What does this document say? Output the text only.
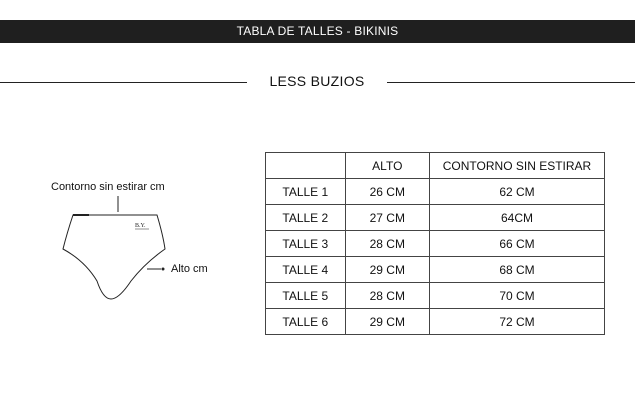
TABLA DE TALLES - BIKINIS
LESS BUZIOS
Contorno sin estirar cm
B.Y.
Alto cm
	ALTO	CONTORNO SIN ESTIRAR
TALLE 1	26 CM	62 CM
TALLE 2	27 CM	64CM
TALLE 3	28 CM	66 CM
TALLE 4	29 CM	68 CM
TALLE 5	28 CM	70 CM
TALLE 6	29 CM	72 CM
